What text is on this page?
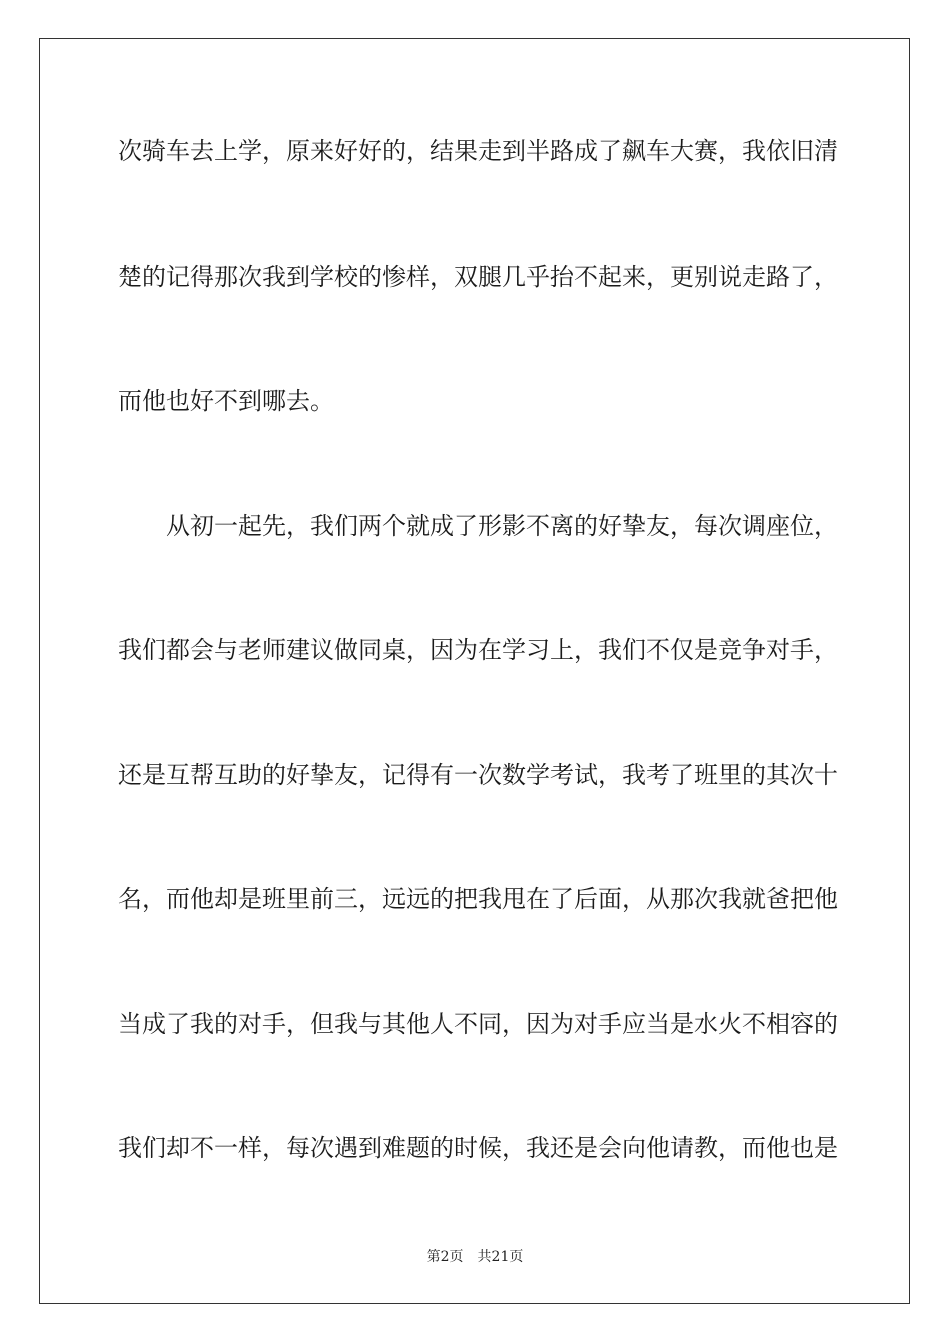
次骑车去上学，原来好好的，结果走到半路成了飙车大赛，我依旧清
楚的记得那次我到学校的惨样，双腿几乎抬不起来，更别说走路了，
而他也好不到哪去。
从初一起先，我们两个就成了形影不离的好挚友，每次调座位，
我们都会与老师建议做同桌，因为在学习上，我们不仅是竞争对手，
还是互帮互助的好挚友，记得有一次数学考试，我考了班里的其次十
名，而他却是班里前三，远远的把我甩在了后面，从那次我就爸把他
当成了我的对手，但我与其他人不同，因为对手应当是水火不相容的
我们却不一样，每次遇到难题的时候，我还是会向他请教，而他也是
第2页 共21页
